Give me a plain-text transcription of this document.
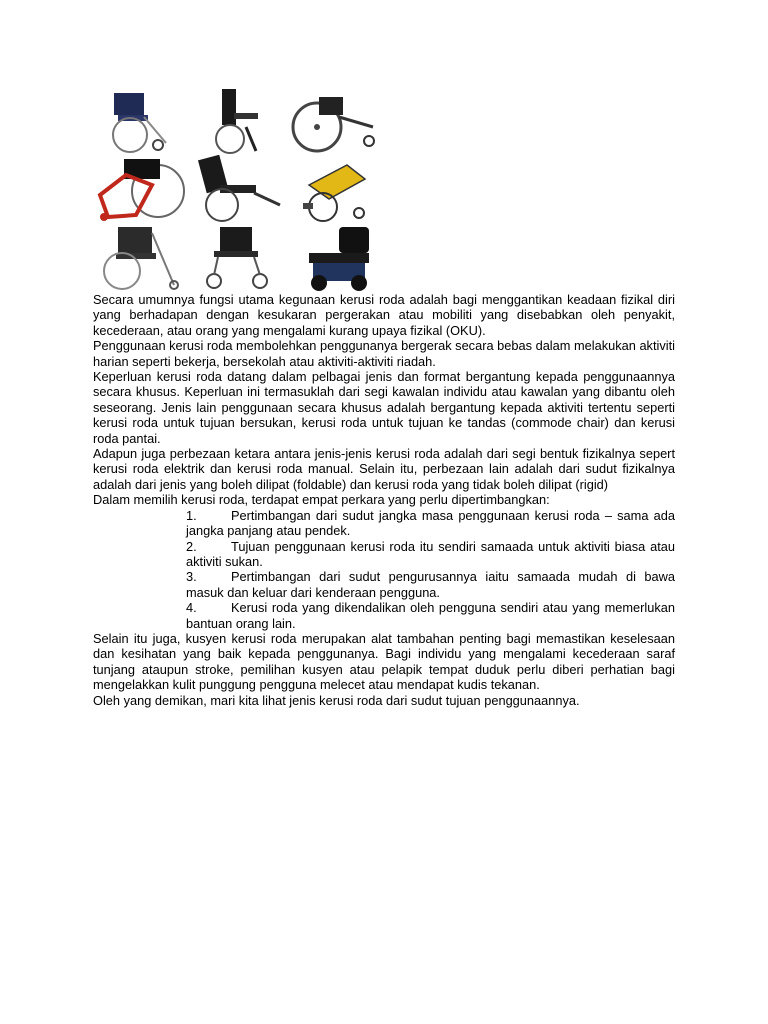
Secara umumnya fungsi utama kegunaan kerusi roda adalah bagi menggantikan keadaan fizikal diri yang berhadapan dengan kesukaran pergerakan atau mobiliti yang disebabkan oleh penyakit, kecederaan, atau orang yang mengalami kurang upaya fizikal (OKU).

Penggunaan kerusi roda membolehkan penggunanya bergerak secara bebas dalam melakukan aktiviti harian seperti bekerja, bersekolah atau aktiviti-aktiviti riadah.

Keperluan kerusi roda datang dalam pelbagai jenis dan format bergantung kepada penggunaannya secara khusus. Keperluan ini termasuklah dari segi kawalan individu atau kawalan yang dibantu oleh seseorang. Jenis lain penggunaan secara khusus adalah bergantung kepada aktiviti tertentu seperti kerusi roda untuk tujuan bersukan, kerusi roda untuk tujuan ke tandas (commode chair) dan kerusi roda pantai.

Adapun juga perbezaan ketara antara jenis-jenis kerusi roda adalah dari segi bentuk fizikalnya sepert kerusi roda elektrik dan kerusi roda manual. Selain itu, perbezaan lain adalah dari sudut fizikalnya adalah dari jenis yang boleh dilipat (foldable) dan kerusi roda yang tidak boleh dilipat (rigid)

Dalam memilih kerusi roda, terdapat empat perkara yang perlu dipertimbangkan:

1.	Pertimbangan dari sudut jangka masa penggunaan kerusi roda – sama ada jangka panjang atau pendek.
2.	Tujuan penggunaan kerusi roda itu sendiri samaada untuk aktiviti biasa atau aktiviti sukan.
3.	Pertimbangan dari sudut pengurusannya iaitu samaada mudah di bawa masuk dan keluar dari kenderaan pengguna.
4.	Kerusi roda yang dikendalikan oleh pengguna sendiri atau yang memerlukan bantuan orang lain.

Selain itu juga, kusyen kerusi roda merupakan alat tambahan penting bagi memastikan keselesaan dan kesihatan yang baik kepada penggunanya. Bagi individu yang mengalami kecederaan saraf tunjang ataupun stroke, pemilihan kusyen atau pelapik tempat duduk perlu diberi perhatian bagi mengelakkan kulit punggung pengguna melecet atau mendapat kudis tekanan.

Oleh yang demikan, mari kita lihat jenis kerusi roda dari sudut tujuan penggunaannya.
